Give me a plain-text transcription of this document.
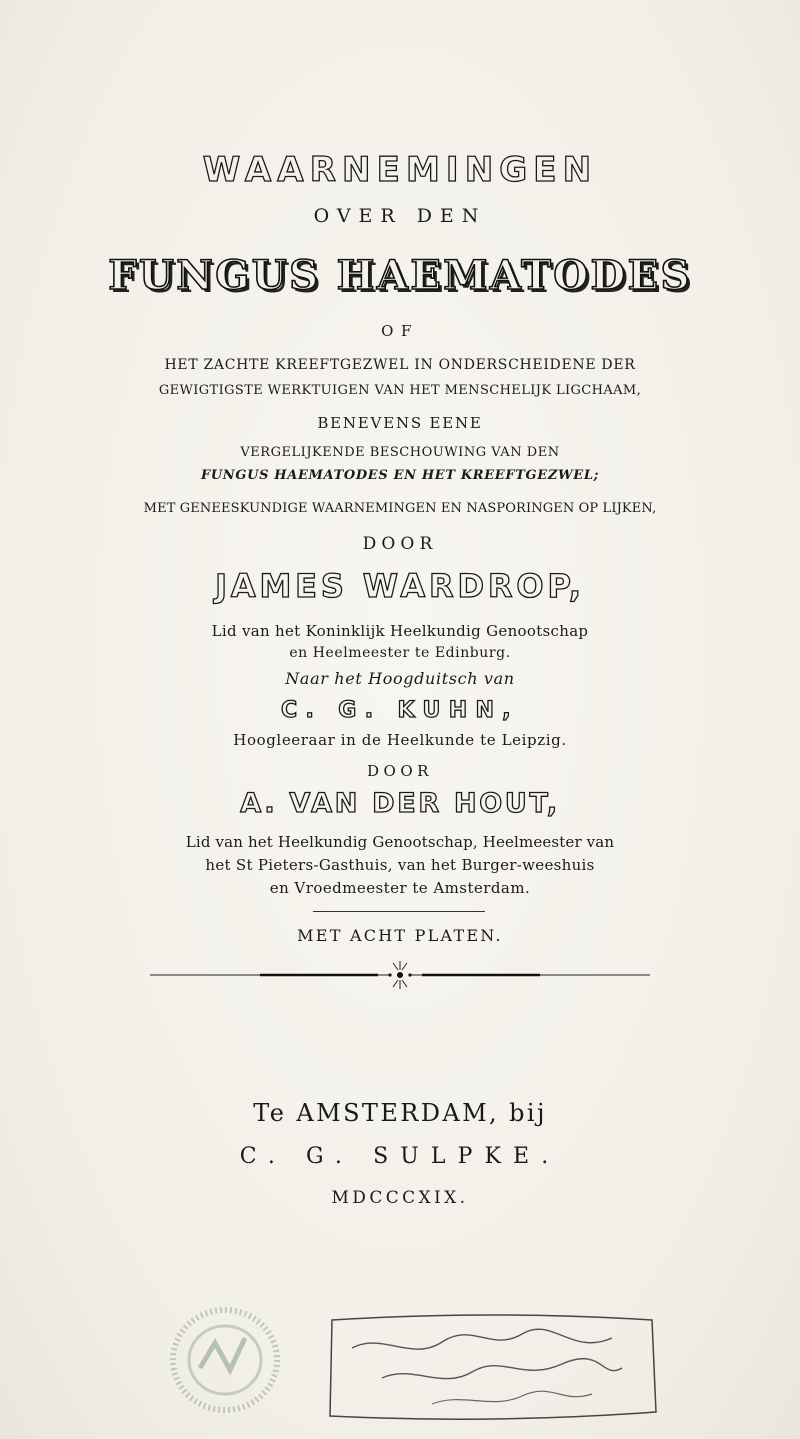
WAARNEMINGEN
OVER DEN
FUNGUS HAEMATODES
OF
HET ZACHTE KREEFTGEZWEL IN ONDERSCHEIDENE DER
GEWIGTIGSTE WERKTUIGEN VAN HET MENSCHELIJK LIGCHAAM,
BENEVENS EENE
VERGELIJKENDE BESCHOUWING VAN DEN
FUNGUS HAEMATODES EN HET KREEFTGEZWEL;
MET GENEESKUNDIGE WAARNEMINGEN EN NASPORINGEN OP LIJKEN,
DOOR
JAMES WARDROP,
Lid van het Koninklijk Heelkundig Genootschap
en Heelmeester te Edinburg.
Naar het Hoogduitsch van
C. G. KUHN,
Hoogleeraar in de Heelkunde te Leipzig.
DOOR
A. VAN DER HOUT,
Lid van het Heelkundig Genootschap, Heelmeester van
het St Pieters-Gasthuis, van het Burger-weeshuis
en Vroedmeester te Amsterdam.
MET ACHT PLATEN.
Te AMSTERDAM, bij
C. G. SULPKE.
MDCCCXIX.
